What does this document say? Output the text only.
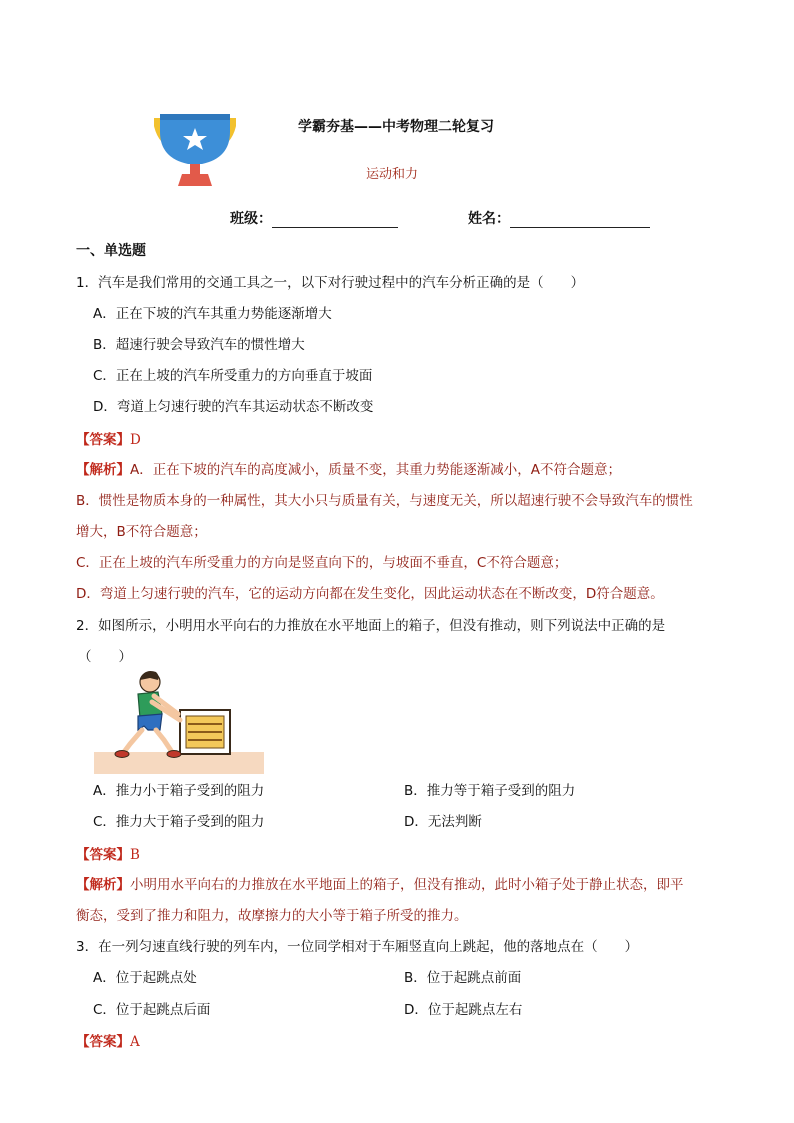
学霸夯基——中考物理二轮复习
运动和力
班级：	姓名：
一、单选题
1．汽车是我们常用的交通工具之一，以下对行驶过程中的汽车分析正确的是（　　）
A．正在下坡的汽车其重力势能逐渐增大
B．超速行驶会导致汽车的惯性增大
C．正在上坡的汽车所受重力的方向垂直于坡面
D．弯道上匀速行驶的汽车其运动状态不断改变
【答案】D
【解析】A．正在下坡的汽车的高度减小，质量不变，其重力势能逐渐减小，A不符合题意；
B．惯性是物质本身的一种属性，其大小只与质量有关，与速度无关，所以超速行驶不会导致汽车的惯性
增大，B不符合题意；
C．正在上坡的汽车所受重力的方向是竖直向下的，与坡面不垂直，C不符合题意；
D．弯道上匀速行驶的汽车，它的运动方向都在发生变化，因此运动状态在不断改变，D符合题意。
2．如图所示，小明用水平向右的力推放在水平地面上的箱子，但没有推动，则下列说法中正确的是
（　　）
A．推力小于箱子受到的阻力	B．推力等于箱子受到的阻力
C．推力大于箱子受到的阻力	D．无法判断
【答案】B
【解析】小明用水平向右的力推放在水平地面上的箱子，但没有推动，此时小箱子处于静止状态，即平
衡态，受到了推力和阻力，故摩擦力的大小等于箱子所受的推力。
3．在一列匀速直线行驶的列车内，一位同学相对于车厢竖直向上跳起，他的落地点在（　　）
A．位于起跳点处	B．位于起跳点前面
C．位于起跳点后面	D．位于起跳点左右
【答案】A
